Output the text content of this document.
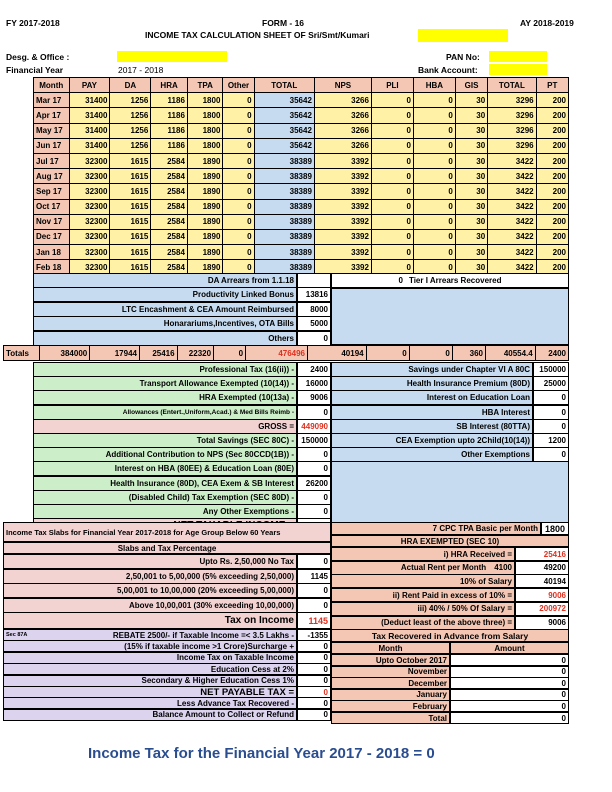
FY 2017-2018	FORM - 16	AY 2018-2019
INCOME TAX CALCULATION SHEET OF Sri/Smt/Kumari
Desg. & Office :	PAN No:
Financial Year	2017 - 2018	Bank Account:
Month	PAY	DA	HRA	TPA	Other	TOTAL	NPS	PLI	HBA	GIS	TOTAL	PT
Mar 17	31400	1256	1186	1800	0	35642	3266	0	0	30	3296	200
Apr 17	31400	1256	1186	1800	0	35642	3266	0	0	30	3296	200
May 17	31400	1256	1186	1800	0	35642	3266	0	0	30	3296	200
Jun 17	31400	1256	1186	1800	0	35642	3266	0	0	30	3296	200
Jul 17	32300	1615	2584	1890	0	38389	3392	0	0	30	3422	200
Aug 17	32300	1615	2584	1890	0	38389	3392	0	0	30	3422	200
Sep 17	32300	1615	2584	1890	0	38389	3392	0	0	30	3422	200
Oct 17	32300	1615	2584	1890	0	38389	3392	0	0	30	3422	200
Nov 17	32300	1615	2584	1890	0	38389	3392	0	0	30	3422	200
Dec 17	32300	1615	2584	1890	0	38389	3392	0	0	30	3422	200
Jan 18	32300	1615	2584	1890	0	38389	3392	0	0	30	3422	200
Feb 18	32300	1615	2584	1890	0	38389	3392	0	0	30	3422	200
DA Arrears from 1.1.18
Productivity Linked Bonus	13816
LTC Encashment & CEA Amount Reimbursed	8000
Honarariums,Incentives, OTA Bills	5000
Others	0
0 Tier I Arrears Recovered
Totals	384000	17944	25416	22320	0	476496	40194	0	0	360	40554.4	2400
Professional Tax (16(ii)) -	2400
Transport Allowance Exempted (10(14)) -	16000
HRA Exempted (10(13a) -	9006
Allowances (Entert.,Uniform,Acad.) & Med Bills Reimb -	0
GROSS = 449090
Total Savings (SEC 80C) - 150000
Additional Contribution to NPS (Sec 80CCD(1B)) -	0
Interest on HBA (80EE) & Education Loan (80E)	0
Health Insurance (80D), CEA Exem & SB Interest	26200
(Disabled Child) Tax Exemption (SEC 80D) -	0
Any Other Exemptions -	0
Savings under Chapter VI A 80C	150000
Health Insurance Premium (80D)	25000
Interest on Education Loan	0
HBA Interest	0
SB Interest (80TTA)	0
CEA Exemption upto 2Child(10(14))	1200
Other Exemptions	0
Income Tax Slabs for Financial Year 2017-2018 for Age Group Below 60 Years
Slabs and Tax Percentage
Upto Rs. 2,50,000 No Tax	0
2,50,001 to 5,00,000 (5% exceeding 2,50,000)	1145
5,00,001 to 10,00,000 (20% exceeding 5,00,000)	0
Above 10,00,001 (30% exceeding 10,00,000)	0
Tax on Income	1145
Sec 87A	REBATE 2500/- if Taxable Income =< 3.5 Lakhs -	-1355
(15% if taxable income >1 Crore)Surcharge +	0
Income Tax on Taxable Income	0
Education Cess at 2%	0
Secondary & Higher Education Cess 1%	0
NET PAYABLE TAX =	0
Less Advance Tax Recovered -	0
Balance Amount to Collect or Refund	0
7 CPC TPA Basic per Month 1800
HRA EXEMPTED (SEC 10)
i) HRA Received =	25416
Actual Rent per Month 4100	49200
10% of Salary	40194
ii) Rent Paid in excess of 10% =	9006
iii) 40% / 50% Of Salary =	200972
(Deduct least of the above three) =	9006
Tax Recovered in Advance from Salary
Month	Amount
Upto October 2017	0
November	0
December	0
January	0
February	0
Total	0
Income Tax for the Financial Year 2017 - 2018 = 0
